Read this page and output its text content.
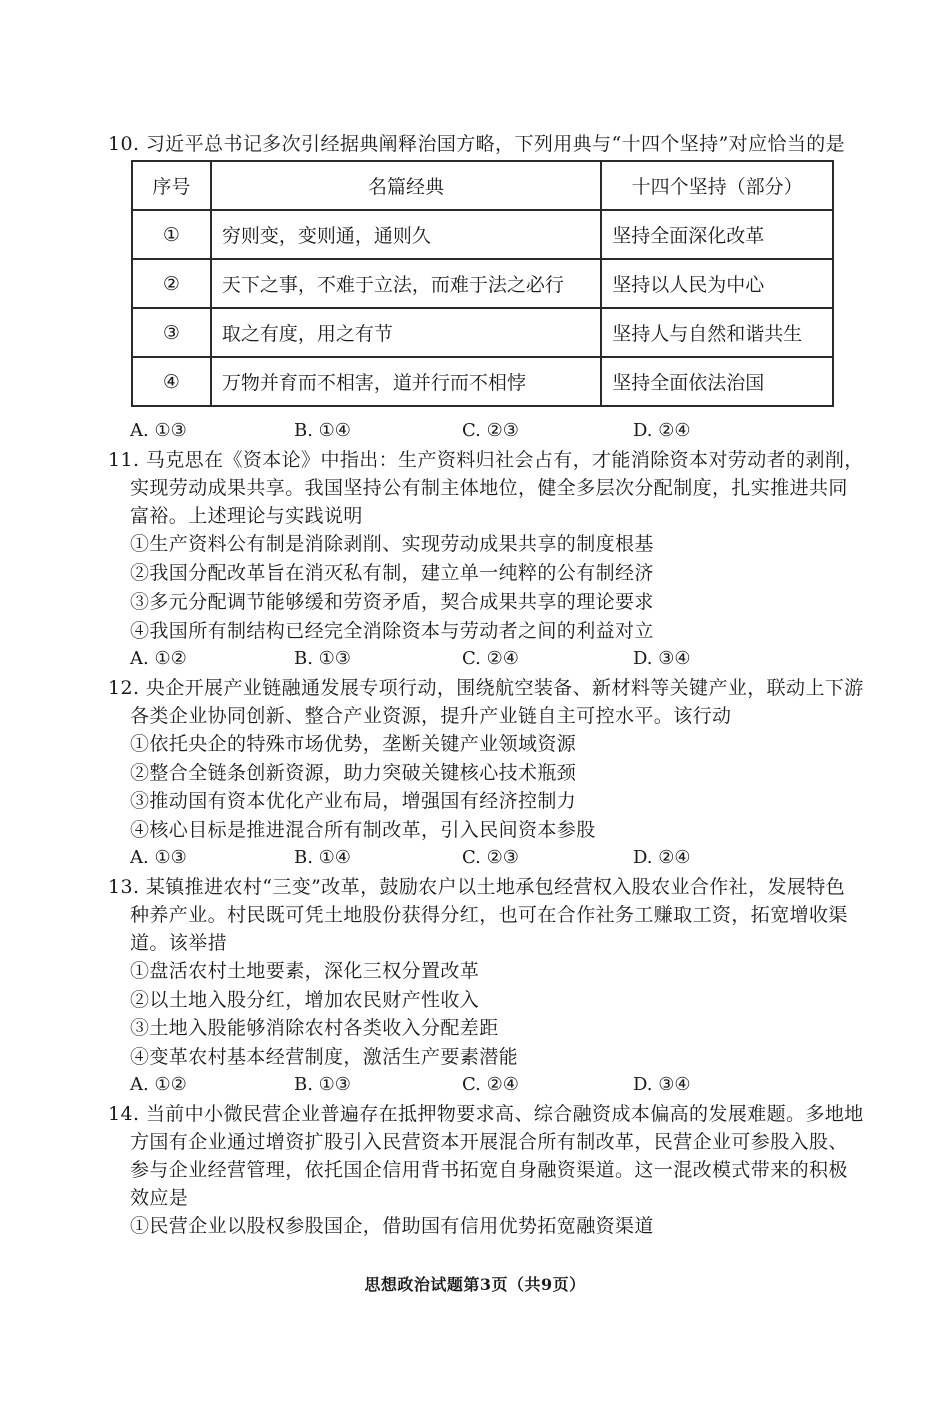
10. 习近平总书记多次引经据典阐释治国方略，下列用典与“十四个坚持”对应恰当的是
序号	名篇经典	十四个坚持（部分）
①	穷则变，变则通，通则久	坚持全面深化改革
②	天下之事，不难于立法，而难于法之必行	坚持以人民为中心
③	取之有度，用之有节	坚持人与自然和谐共生
④	万物并育而不相害，道并行而不相悖	坚持全面依法治国
A. ①③	B. ①④	C. ②③	D. ②④
11. 马克思在《资本论》中指出：生产资料归社会占有，才能消除资本对劳动者的剥削，
实现劳动成果共享。我国坚持公有制主体地位，健全多层次分配制度，扎实推进共同
富裕。上述理论与实践说明
①生产资料公有制是消除剥削、实现劳动成果共享的制度根基
②我国分配改革旨在消灭私有制，建立单一纯粹的公有制经济
③多元分配调节能够缓和劳资矛盾，契合成果共享的理论要求
④我国所有制结构已经完全消除资本与劳动者之间的利益对立
A. ①②	B. ①③	C. ②④	D. ③④
12. 央企开展产业链融通发展专项行动，围绕航空装备、新材料等关键产业，联动上下游
各类企业协同创新、整合产业资源，提升产业链自主可控水平。该行动
①依托央企的特殊市场优势，垄断关键产业领域资源
②整合全链条创新资源，助力突破关键核心技术瓶颈
③推动国有资本优化产业布局，增强国有经济控制力
④核心目标是推进混合所有制改革，引入民间资本参股
A. ①③	B. ①④	C. ②③	D. ②④
13. 某镇推进农村“三变”改革，鼓励农户以土地承包经营权入股农业合作社，发展特色
种养产业。村民既可凭土地股份获得分红，也可在合作社务工赚取工资，拓宽增收渠
道。该举措
①盘活农村土地要素，深化三权分置改革
②以土地入股分红，增加农民财产性收入
③土地入股能够消除农村各类收入分配差距
④变革农村基本经营制度，激活生产要素潜能
A. ①②	B. ①③	C. ②④	D. ③④
14. 当前中小微民营企业普遍存在抵押物要求高、综合融资成本偏高的发展难题。多地地
方国有企业通过增资扩股引入民营资本开展混合所有制改革，民营企业可参股入股、
参与企业经营管理，依托国企信用背书拓宽自身融资渠道。这一混改模式带来的积极
效应是
①民营企业以股权参股国企，借助国有信用优势拓宽融资渠道
思想政治试题第3页（共9页）
